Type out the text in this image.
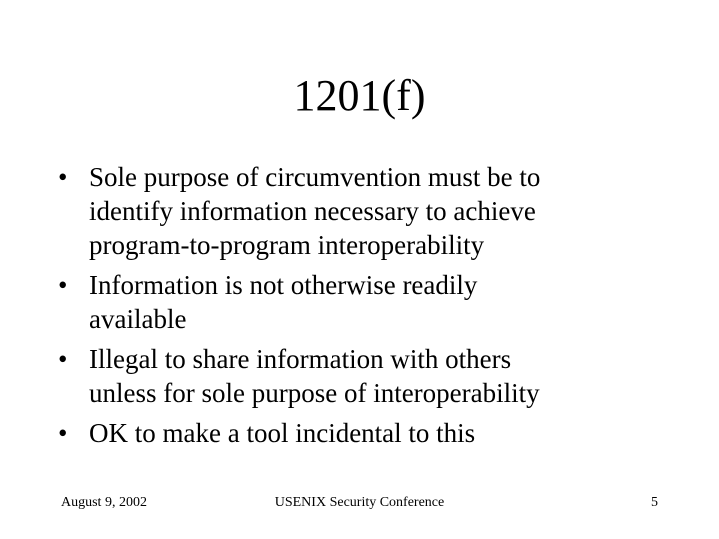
1201(f)
• Sole purpose of circumvention must be to
identify information necessary to achieve
program-to-program interoperability
• Information is not otherwise readily
available
• Illegal to share information with others
unless for sole purpose of interoperability
• OK to make a tool incidental to this
August 9, 2002	USENIX Security Conference	5
